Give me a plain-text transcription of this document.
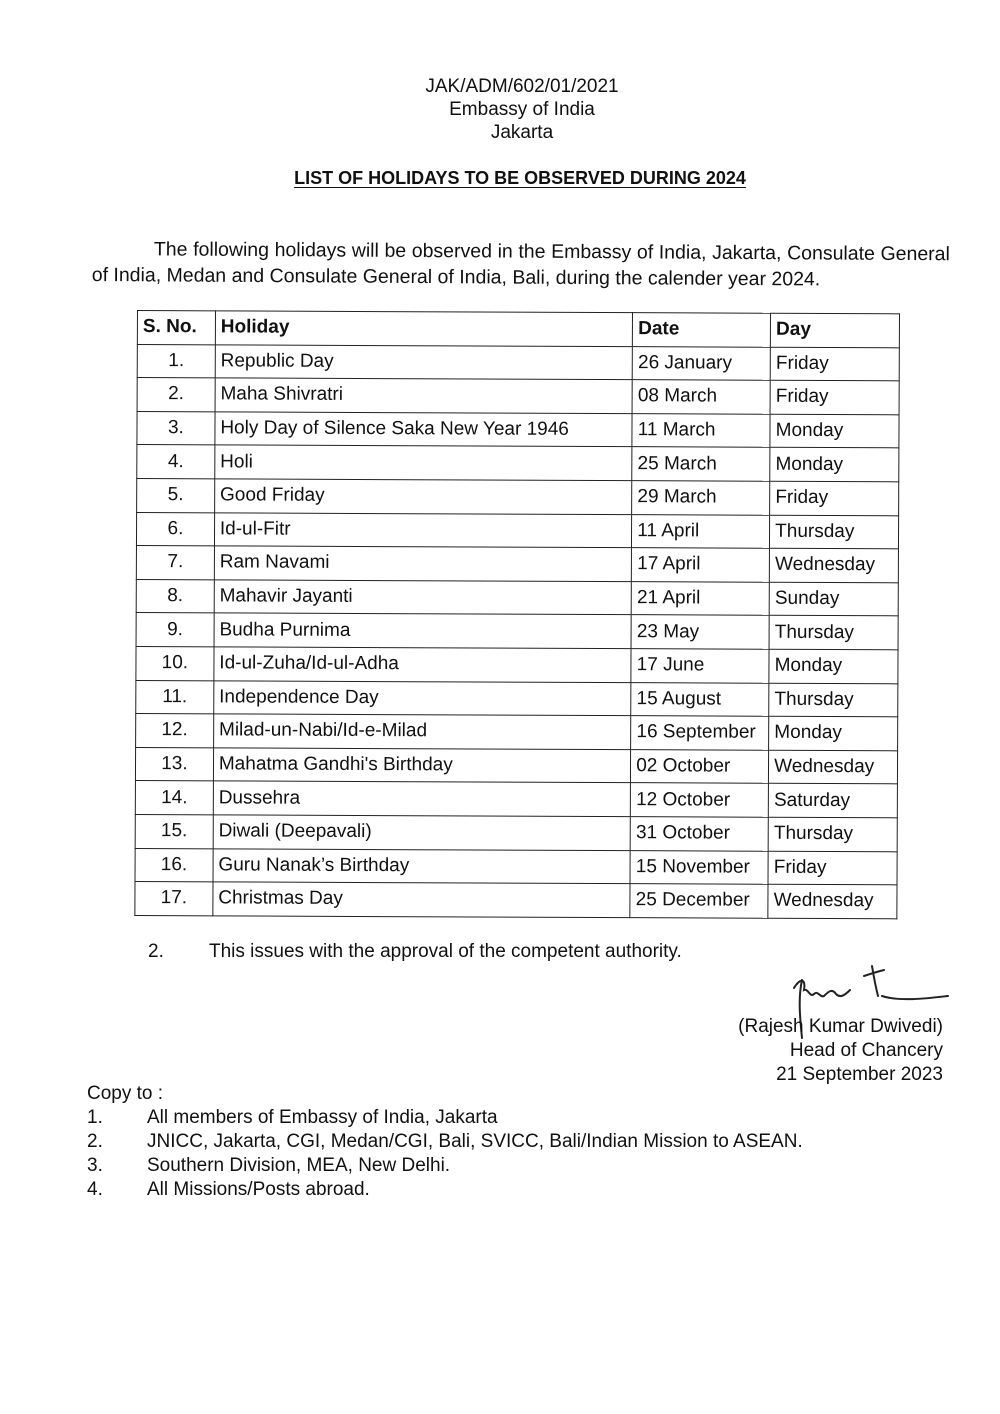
JAK/ADM/602/01/2021
Embassy of India
Jakarta
LIST OF HOLIDAYS TO BE OBSERVED DURING 2024
The following holidays will be observed in the Embassy of India, Jakarta, Consulate General of India, Medan and Consulate General of India, Bali, during the calender year 2024.
S. No.	Holiday	Date	Day
1.	Republic Day	26 January	Friday
2.	Maha Shivratri	08 March	Friday
3.	Holy Day of Silence Saka New Year 1946	11 March	Monday
4.	Holi	25 March	Monday
5.	Good Friday	29 March	Friday
6.	Id-ul-Fitr	11 April	Thursday
7.	Ram Navami	17 April	Wednesday
8.	Mahavir Jayanti	21 April	Sunday
9.	Budha Purnima	23 May	Thursday
10.	Id-ul-Zuha/Id-ul-Adha	17 June	Monday
11.	Independence Day	15 August	Thursday
12.	Milad-un-Nabi/Id-e-Milad	16 September	Monday
13.	Mahatma Gandhi's Birthday	02 October	Wednesday
14.	Dussehra	12 October	Saturday
15.	Diwali (Deepavali)	31 October	Thursday
16.	Guru Nanak’s Birthday	15 November	Friday
17.	Christmas Day	25 December	Wednesday
2. This issues with the approval of the competent authority.
(Rajesh Kumar Dwivedi)
Head of Chancery
21 September 2023
Copy to :
1. All members of Embassy of India, Jakarta
2. JNICC, Jakarta, CGI, Medan/CGI, Bali, SVICC, Bali/Indian Mission to ASEAN.
3. Southern Division, MEA, New Delhi.
4. All Missions/Posts abroad.
